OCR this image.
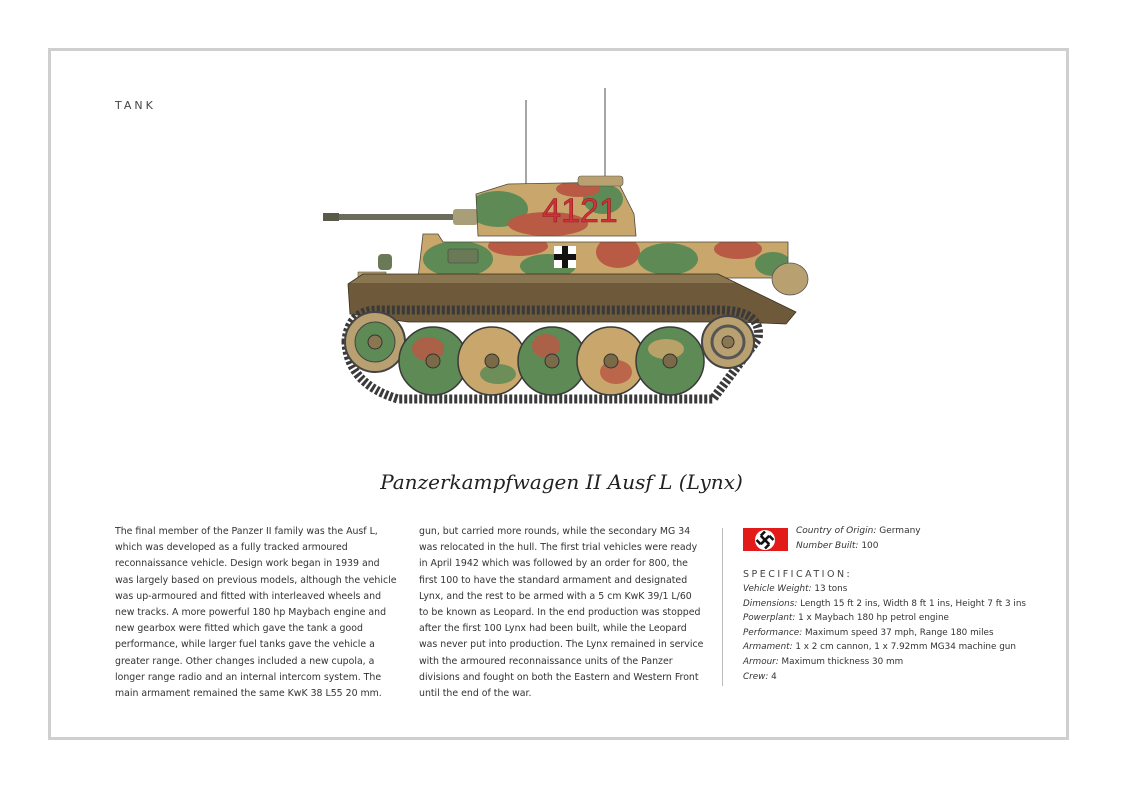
TANK
4121
Panzerkampfwagen II Ausf L (Lynx)

The final member of the Panzer II family was the Ausf L, which was developed as a fully tracked armoured reconnaissance vehicle. Design work began in 1939 and was largely based on previous models, although the vehicle was up-armoured and fitted with interleaved wheels and new tracks. A more powerful 180 hp Maybach engine and new gearbox were fitted which gave the tank a good performance, while larger fuel tanks gave the vehicle a greater range. Other changes included a new cupola, a longer range radio and an internal intercom system. The main armament remained the same KwK 38 L55 20 mm.

gun, but carried more rounds, while the secondary MG 34 was relocated in the hull. The first trial vehicles were ready in April 1942 which was followed by an order for 800, the first 100 to have the standard armament and designated Lynx, and the rest to be armed with a 5 cm KwK 39/1 L/60 to be known as Leopard. In the end production was stopped after the first 100 Lynx had been built, while the Leopard was never put into production. The Lynx remained in service with the armoured reconnaissance units of the Panzer divisions and fought on both the Eastern and Western Front until the end of the war.

Country of Origin: Germany
Number Built: 100
SPECIFICATION:
Vehicle Weight: 13 tons
Dimensions: Length 15 ft 2 ins, Width 8 ft 1 ins, Height 7 ft 3 ins
Powerplant: 1 x Maybach 180 hp petrol engine
Performance: Maximum speed 37 mph, Range 180 miles
Armament: 1 x 2 cm cannon, 1 x 7.92mm MG34 machine gun
Armour: Maximum thickness 30 mm
Crew: 4
